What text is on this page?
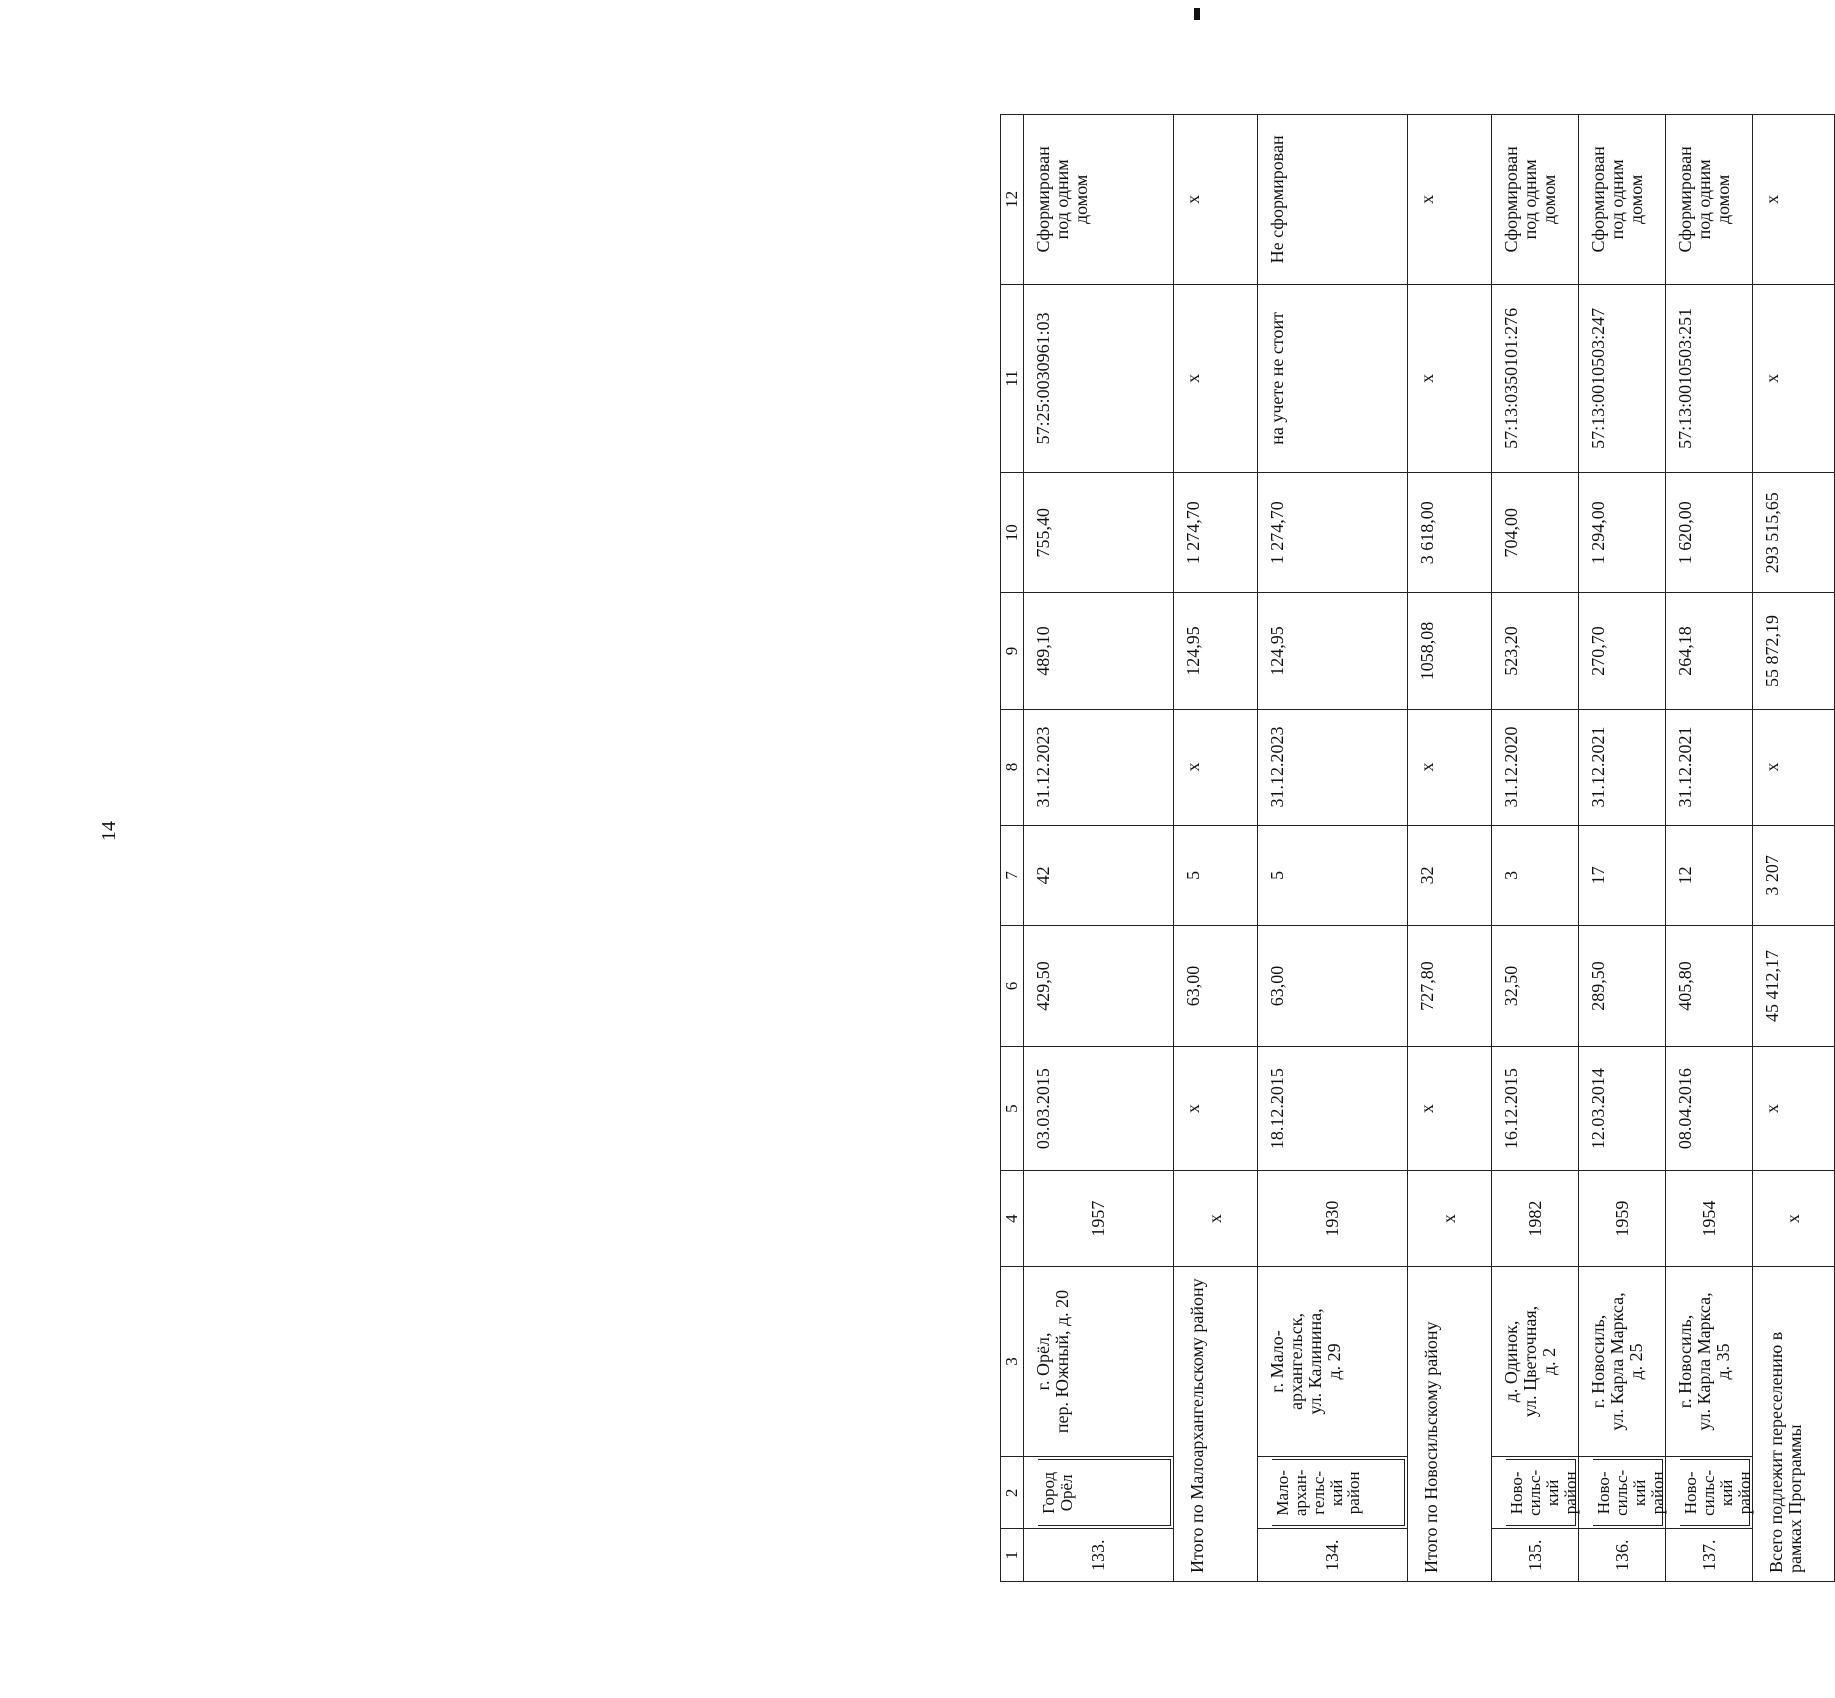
14
1	2	3	4	5	6	7	8	9	10	11	12
133.	Город
Орёл	г. Орёл,
пер. Южный, д. 20	1957	03.03.2015	429,50	42	31.12.2023	489,10	755,40	57:25:0030961:03	Сформирован
под одним
домом

Итого по Малоархангельскому району			x	x	63,00	5	x	124,95	1 274,70	x	x

134.	Мало-
архан-
гельс-
кий
район	г. Мало-
архангельск,
ул. Калинина,
д. 29	1930	18.12.2015	63,00	5	31.12.2023	124,95	1 274,70	на учете не стоит	Не сформирован

Итого по Новосильскому району			x	x	727,80	32	x	1058,08	3 618,00	x	x

135.	Ново-
сильс-
кий
район	д. Одинок,
ул. Цветочная,
д. 2	1982	16.12.2015	32,50	3	31.12.2020	523,20	704,00	57:13:0350101:276	Сформирован
под одним
домом

136.	Ново-
сильс-
кий
район	г. Новосиль,
ул. Карла Маркса,
д. 25	1959	12.03.2014	289,50	17	31.12.2021	270,70	1 294,00	57:13:0010503:247	Сформирован
под одним
домом

137.	Ново-
сильс-
кий
район	г. Новосиль,
ул. Карла Маркса,
д. 35	1954	08.04.2016	405,80	12	31.12.2021	264,18	1 620,00	57:13:0010503:251	Сформирован
под одним
домом

Всего подлежит переселению в рамках Программы			x	x	45 412,17	3 207	x	55 872,19	293 515,65	x	x
